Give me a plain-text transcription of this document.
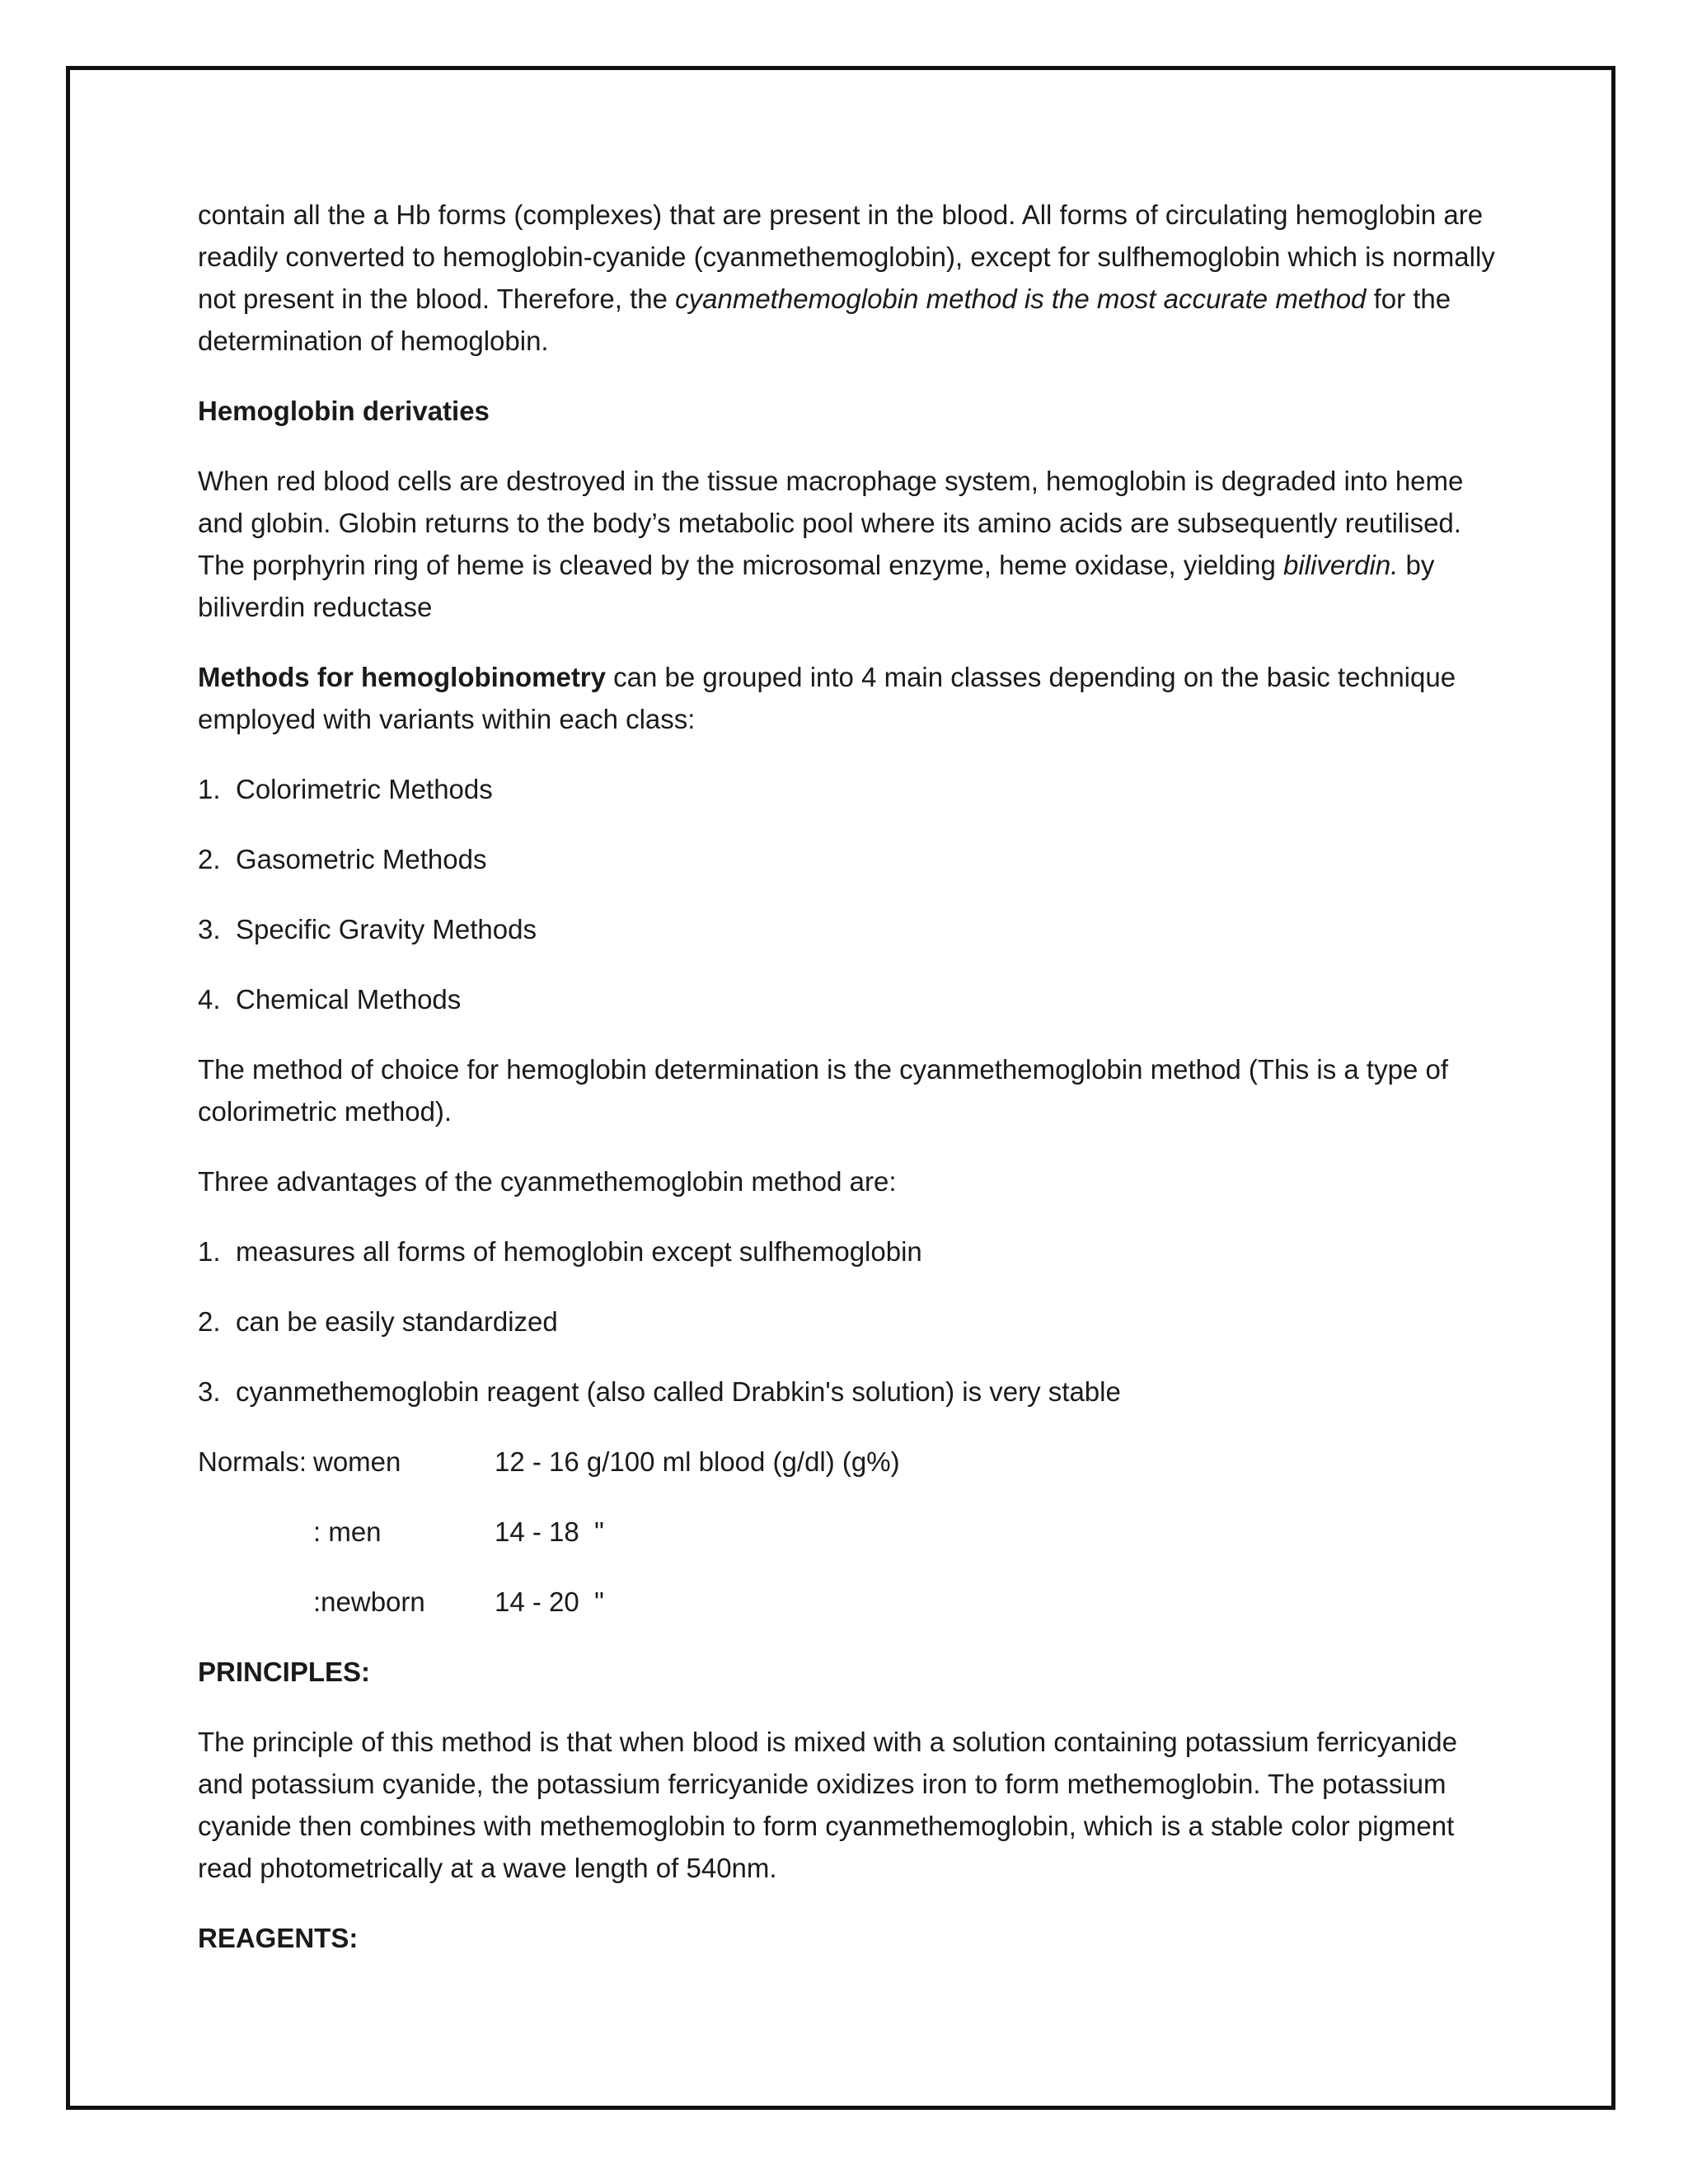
contain all the a Hb forms (complexes) that are present in the blood. All forms of circulating hemoglobin are readily converted to hemoglobin-cyanide (cyanmethemoglobin), except for sulfhemoglobin which is normally not present in the blood. Therefore, the cyanmethemoglobin method is the most accurate method for the determination of hemoglobin.

Hemoglobin derivaties

When red blood cells are destroyed in the tissue macrophage system, hemoglobin is degraded into heme and globin. Globin returns to the body’s metabolic pool where its amino acids are subsequently reutilised. The porphyrin ring of heme is cleaved by the microsomal enzyme, heme oxidase, yielding biliverdin. by biliverdin reductase

Methods for hemoglobinometry can be grouped into 4 main classes depending on the basic technique employed with variants within each class:

1. Colorimetric Methods
2. Gasometric Methods
3. Specific Gravity Methods
4. Chemical Methods

The method of choice for hemoglobin determination is the cyanmethemoglobin method (This is a type of colorimetric method).

Three advantages of the cyanmethemoglobin method are:

1. measures all forms of hemoglobin except sulfhemoglobin
2. can be easily standardized
3. cyanmethemoglobin reagent (also called Drabkin's solution) is very stable
Normals: women	12 - 16 g/100 ml blood (g/dl) (g%)
: men	14 - 18  "
:newborn	14 - 20  "

PRINCIPLES:

The principle of this method is that when blood is mixed with a solution containing potassium ferricyanide and potassium cyanide, the potassium ferricyanide oxidizes iron to form methemoglobin. The potassium cyanide then combines with methemoglobin to form cyanmethemoglobin, which is a stable color pigment read photometrically at a wave length of 540nm.

REAGENTS:
